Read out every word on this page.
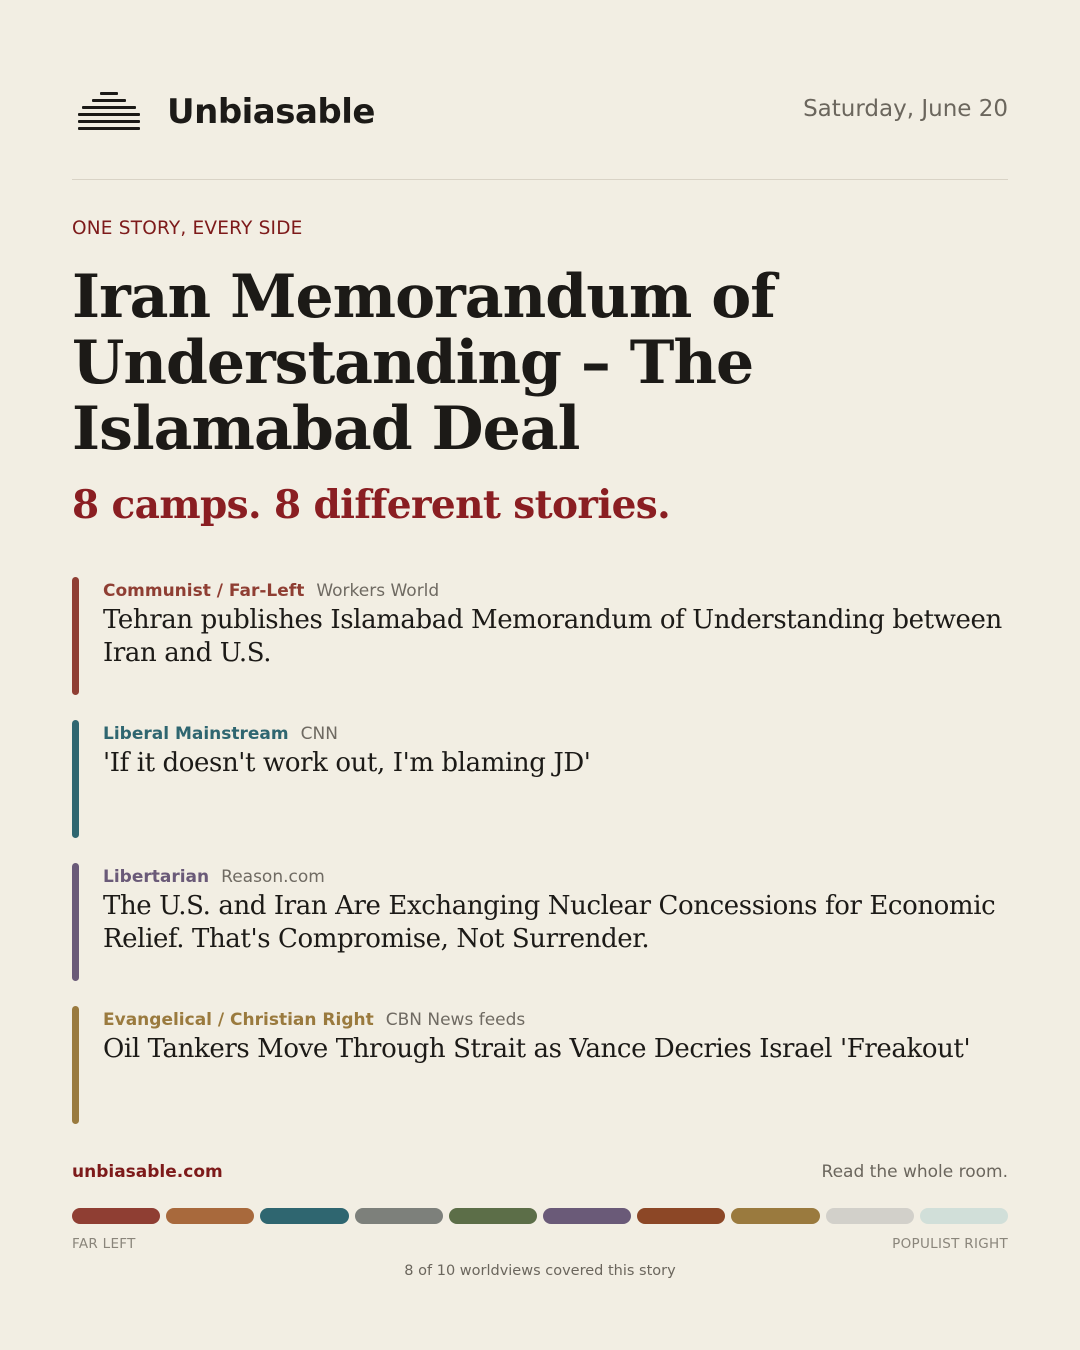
Unbiasable	Saturday, June 20
ONE STORY, EVERY SIDE
Iran Memorandum of Understanding – The Islamabad Deal
8 camps. 8 different stories.
Communist / Far-Left Workers World
Tehran publishes Islamabad Memorandum of Understanding between Iran and U.S.
Liberal Mainstream CNN
'If it doesn't work out, I'm blaming JD'
Libertarian Reason.com
The U.S. and Iran Are Exchanging Nuclear Concessions for Economic Relief. That's Compromise, Not Surrender.
Evangelical / Christian Right CBN News feeds
Oil Tankers Move Through Strait as Vance Decries Israel 'Freakout'
unbiasable.com	Read the whole room.
FAR LEFT	POPULIST RIGHT
8 of 10 worldviews covered this story
